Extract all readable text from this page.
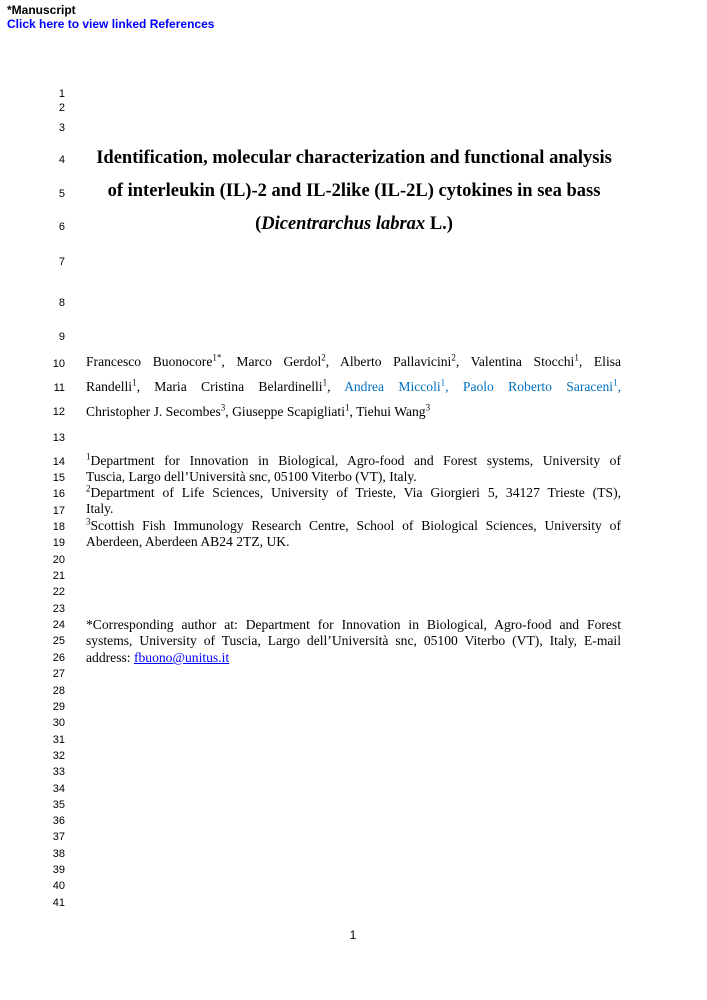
*Manuscript
Click here to view linked References
1
2
3
4
5
6
7
8
9
10
11
12
13
14
15
16
17
18
19
20
21
22
23
24
25
26
27
28
29
30
31
32
33
34
35
36
37
38
39
40
41
Identification, molecular characterization and functional analysis
of interleukin (IL)-2 and IL-2like (IL-2L) cytokines in sea bass
(Dicentrarchus labrax L.)
Francesco Buonocore$^{1*}$, Marco Gerdol$^2$, Alberto Pallavicini$^2$, Valentina Stocchi$^1$, Elisa
Randelli$^1$, Maria Cristina Belardinelli$^1$, Andrea Miccoli$^1$, Paolo Roberto Saraceni$^1$,
Christopher J. Secombes$^3$, Giuseppe Scapigliati$^1$, Tiehui Wang$^3$
$^1$Department for Innovation in Biological, Agro-food and Forest systems, University of
Tuscia, Largo dell’Università snc, 05100 Viterbo (VT), Italy.
$^2$Department of Life Sciences, University of Trieste, Via Giorgieri 5, 34127 Trieste (TS),
Italy.
$^3$Scottish Fish Immunology Research Centre, School of Biological Sciences, University of
Aberdeen, Aberdeen AB24 2TZ, UK.
*Corresponding author at: Department for Innovation in Biological, Agro-food and Forest
systems, University of Tuscia, Largo dell’Università snc, 05100 Viterbo (VT), Italy, E-mail
address: fbuono@unitus.it
1
